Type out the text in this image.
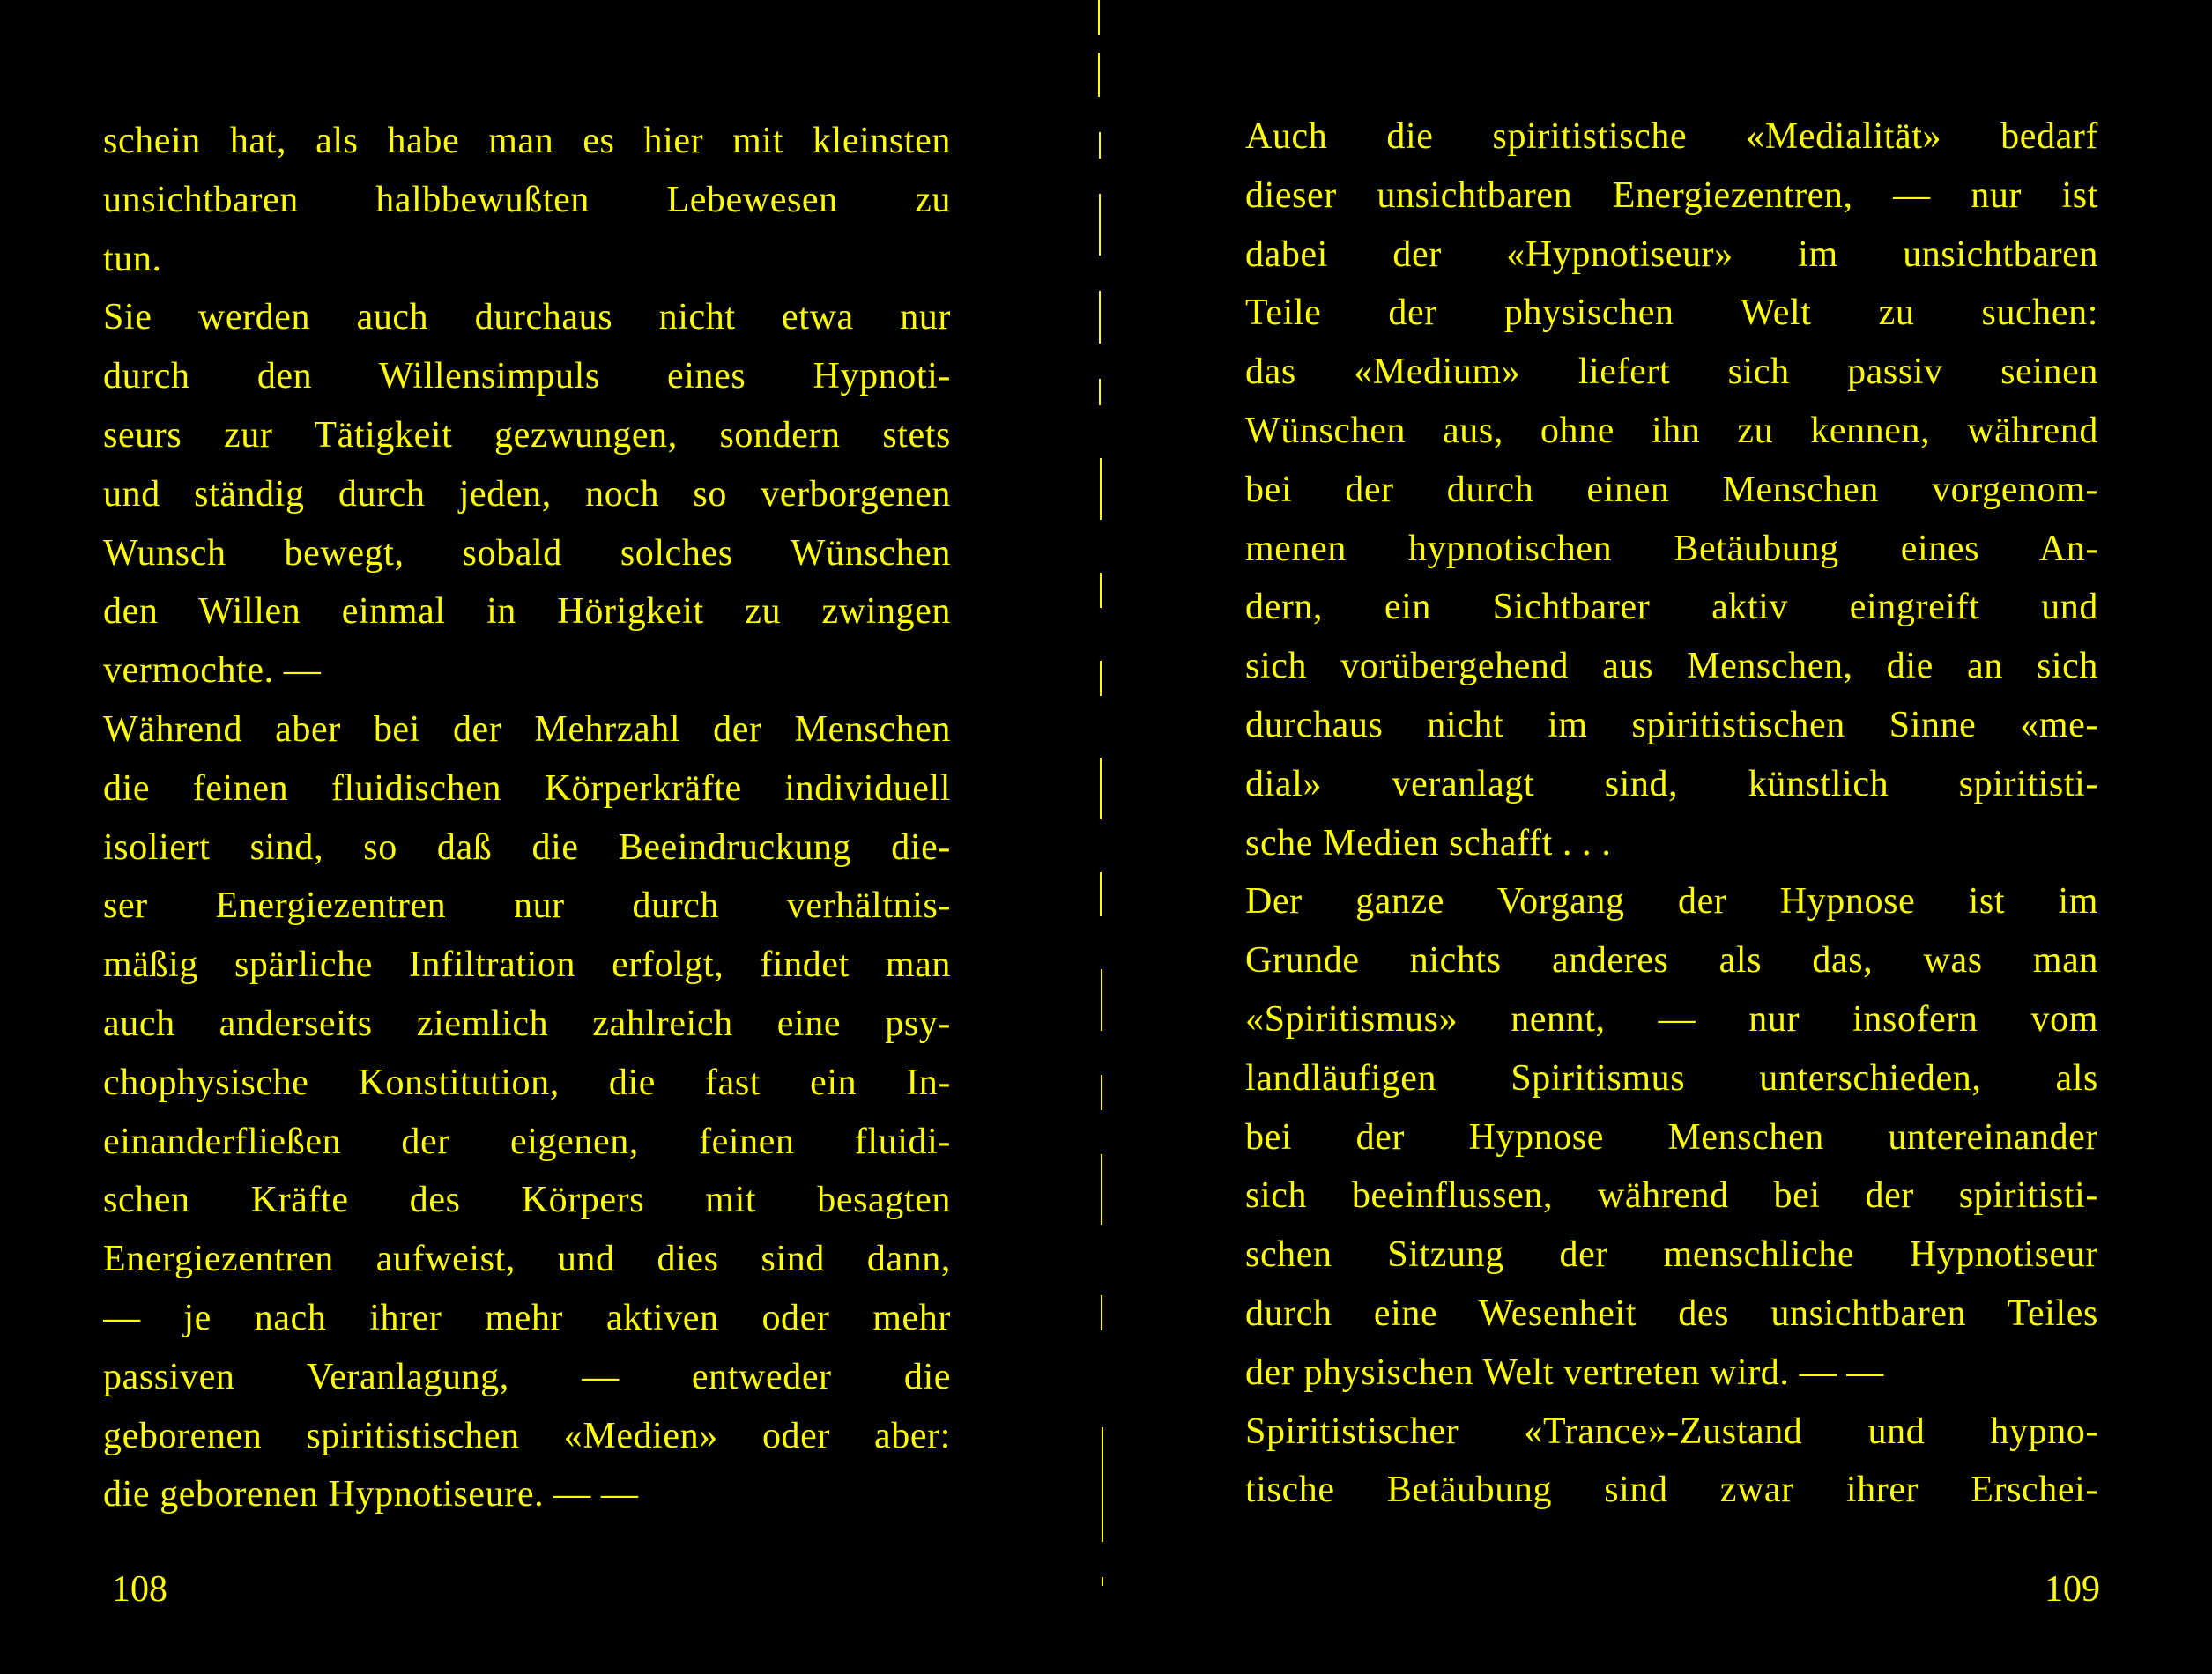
schein hat, als habe man es hier mit kleinsten
unsichtbaren halbbewußten Lebewesen zu
tun.
Sie werden auch durchaus nicht etwa nur
durch den Willensimpuls eines Hypnoti-
seurs zur Tätigkeit gezwungen, sondern stets
und ständig durch jeden, noch so verborgenen
Wunsch bewegt, sobald solches Wünschen
den Willen einmal in Hörigkeit zu zwingen
vermochte. —
Während aber bei der Mehrzahl der Menschen
die feinen fluidischen Körperkräfte individuell
isoliert sind, so daß die Beeindruckung die-
ser Energiezentren nur durch verhältnis-
mäßig spärliche Infiltration erfolgt, findet man
auch anderseits ziemlich zahlreich eine psy-
chophysische Konstitution, die fast ein In-
einanderfließen der eigenen, feinen fluidi-
schen Kräfte des Körpers mit besagten
Energiezentren aufweist, und dies sind dann,
— je nach ihrer mehr aktiven oder mehr
passiven Veranlagung, — entweder die
geborenen spiritistischen «Medien» oder aber:
die geborenen Hypnotiseure. — —
108
Auch die spiritistische «Medialität» bedarf
dieser unsichtbaren Energiezentren, — nur ist
dabei der «Hypnotiseur» im unsichtbaren
Teile der physischen Welt zu suchen:
das «Medium» liefert sich passiv seinen
Wünschen aus, ohne ihn zu kennen, während
bei der durch einen Menschen vorgenom-
menen hypnotischen Betäubung eines An-
dern, ein Sichtbarer aktiv eingreift und
sich vorübergehend aus Menschen, die an sich
durchaus nicht im spiritistischen Sinne «me-
dial» veranlagt sind, künstlich spiritisti-
sche Medien schafft . . .
Der ganze Vorgang der Hypnose ist im
Grunde nichts anderes als das, was man
«Spiritismus» nennt, — nur insofern vom
landläufigen Spiritismus unterschieden, als
bei der Hypnose Menschen untereinander
sich beeinflussen, während bei der spiritisti-
schen Sitzung der menschliche Hypnotiseur
durch eine Wesenheit des unsichtbaren Teiles
der physischen Welt vertreten wird. — —
Spiritistischer «Trance»-Zustand und hypno-
tische Betäubung sind zwar ihrer Erschei-
109
